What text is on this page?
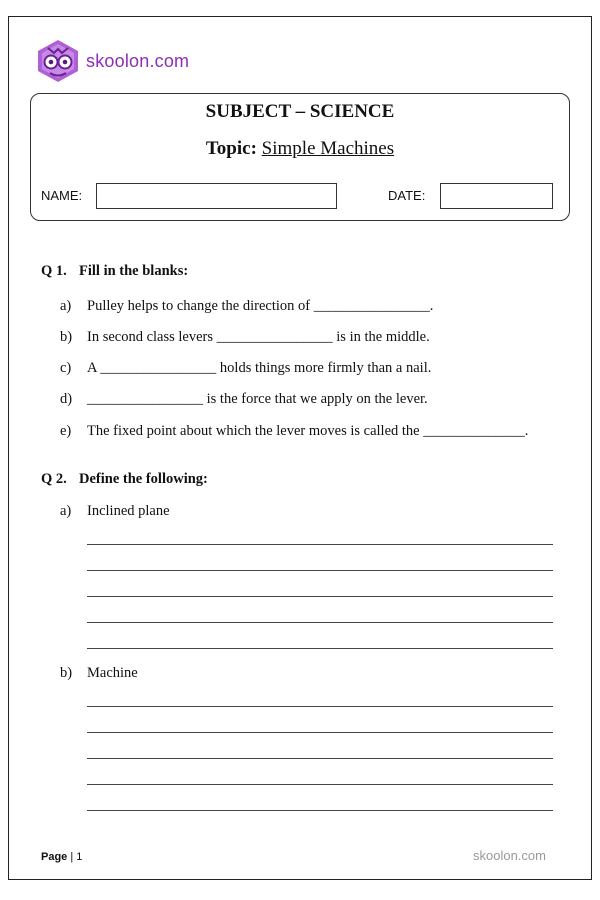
skoolon.com
SUBJECT – SCIENCE
Topic: Simple Machines
NAME:	DATE:
Q 1. Fill in the blanks:
a) Pulley helps to change the direction of ________________.
b) In second class levers ________________ is in the middle.
c) A ________________ holds things more firmly than a nail.
d) ________________ is the force that we apply on the lever.
e) The fixed point about which the lever moves is called the ______________.
Q 2. Define the following:
a) Inclined plane
b) Machine
Page | 1	skoolon.com
